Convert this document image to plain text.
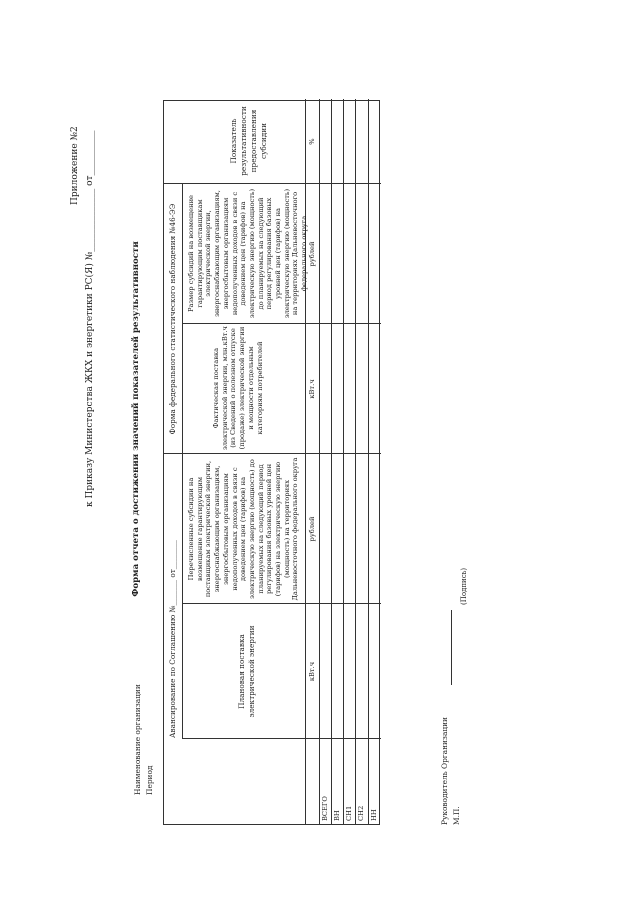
Приложение №2 к Приказу Министерства ЖКХ и энергетики РС(Я) №______________ от__________	Форма отчета о достижении значений показателей результативности
Наименование организации Период
Авансирование по Соглашению №_______ от________
Форма федерального статистического наблюдения №46-ЭЭ
Плановая поставка электрической энергии
Перечисленные субсидии на возмещение гарантирующим поставщикам электрической энергии, энергоснабжающим организациям, энергосбытовым организациям недополученных доходов в связи с доведением цен (тарифов) на электрическую энергию (мощность) до планируемых на следующий период регулирования базовых уровней цен (тарифов) на электрическую энергию (мощность) на территориях Дальневосточного федерального округа
Фактическая поставка электрической энергии, млн.кВт.ч (из Сведений о полезном отпуске (продаже) электрической энергии и мощности отдельным категориям потребителей
Размер субсидий на возмещение гарантирующим поставщикам электрической энергии, энергоснабжающим организациям, энергосбытовым организациям недополученных доходов в связи с доведением цен (тарифов) на электрическую энергию (мощность) до планируемых на следующий период регулирования базовых уровней цен (тарифов) на электрическую энергию (мощность) на территориях Дальневосточного федерального округа
Показатель результативности предоставления субсидии
кВт.ч
рублей
кВт.ч
рублей
%
ВСЕГО ВН СН1 СН2 НН	Руководитель Организации
(Подпись)
М.П.
